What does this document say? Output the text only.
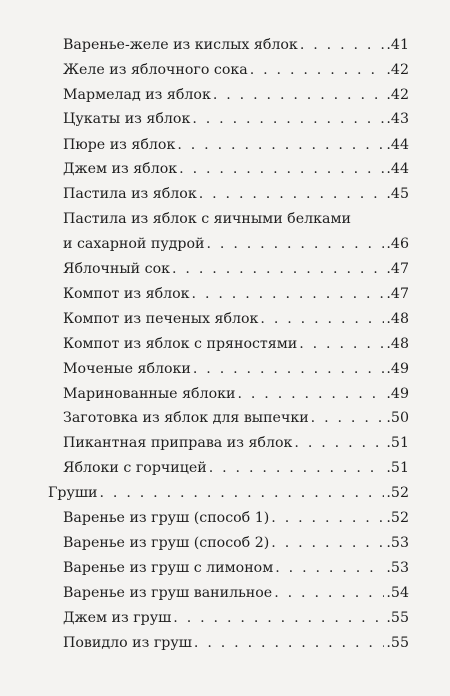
Варенье-желе из кислых яблок . . .	.41
Желе из яблочного сока . . .	.42
Мармелад из яблок . . .	.42
Цукаты из яблок . . .	.43
Пюре из яблок . . .	.44
Джем из яблок . . .	.44
Пастила из яблок . . .	.45
Пастила из яблок с яичными белками
и сахарной пудрой . . .	.46
Яблочный сок . . .	.47
Компот из яблок . . .	.47
Компот из печеных яблок . . .	.48
Компот из яблок с пряностями . . .	.48
Моченые яблоки . . .	.49
Маринованные яблоки . . .	.49
Заготовка из яблок для выпечки . . .	.50
Пикантная приправа из яблок . . .	.51
Яблоки с горчицей . . .	.51
Груши . . .	.52
Варенье из груш (способ 1) . . .	.52
Варенье из груш (способ 2) . . .	.53
Варенье из груш с лимоном . . .	.53
Варенье из груш ванильное . . .	.54
Джем из груш . . .	.55
Повидло из груш . . .	.55
